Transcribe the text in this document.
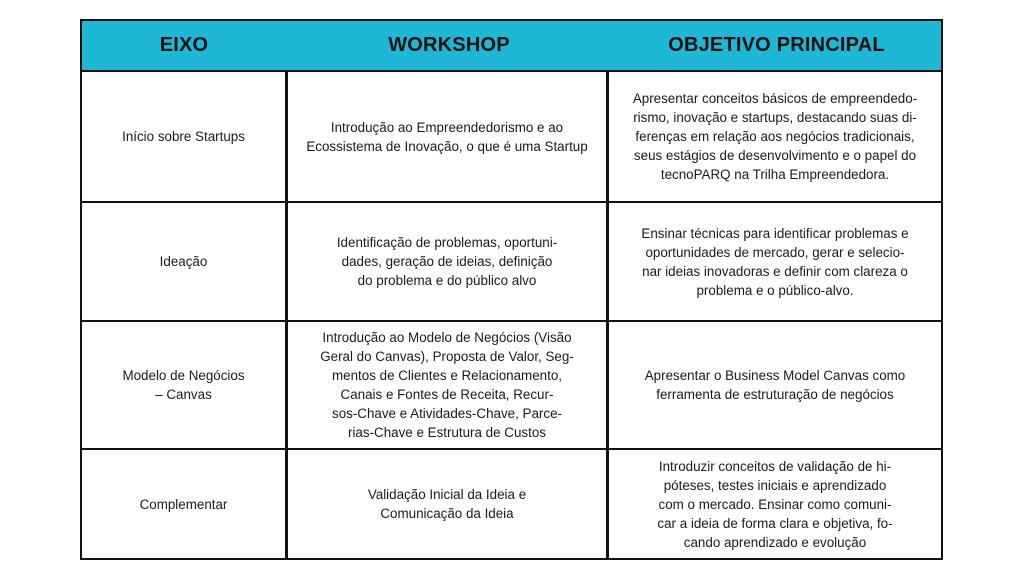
EIXO	WORKSHOP	OBJETIVO PRINCIPAL
Início sobre Startups
Introdução ao Empreendedorismo e ao
Ecossistema de Inovação, o que é uma Startup
Apresentar conceitos básicos de empreendedo-
rismo, inovação e startups, destacando suas di-
ferenças em relação aos negócios tradicionais,
seus estágios de desenvolvimento e o papel do
tecnoPARQ na Trilha Empreendedora.
Ideação
Identificação de problemas, oportuni-
dades, geração de ideias, definição
do problema e do público alvo
Ensinar técnicas para identificar problemas e
oportunidades de mercado, gerar e selecio-
nar ideias inovadoras e definir com clareza o
problema e o público-alvo.
Modelo de Negócios
– Canvas
Introdução ao Modelo de Negócios (Visão
Geral do Canvas), Proposta de Valor, Seg-
mentos de Clientes e Relacionamento,
Canais e Fontes de Receita, Recur-
sos-Chave e Atividades-Chave, Parce-
rias-Chave e Estrutura de Custos
Apresentar o Business Model Canvas como
ferramenta de estruturação de negócios
Complementar
Validação Inicial da Ideia e
Comunicação da Ideia
Introduzir conceitos de validação de hi-
póteses, testes iniciais e aprendizado
com o mercado. Ensinar como comuni-
car a ideia de forma clara e objetiva, fo-
cando aprendizado e evolução
